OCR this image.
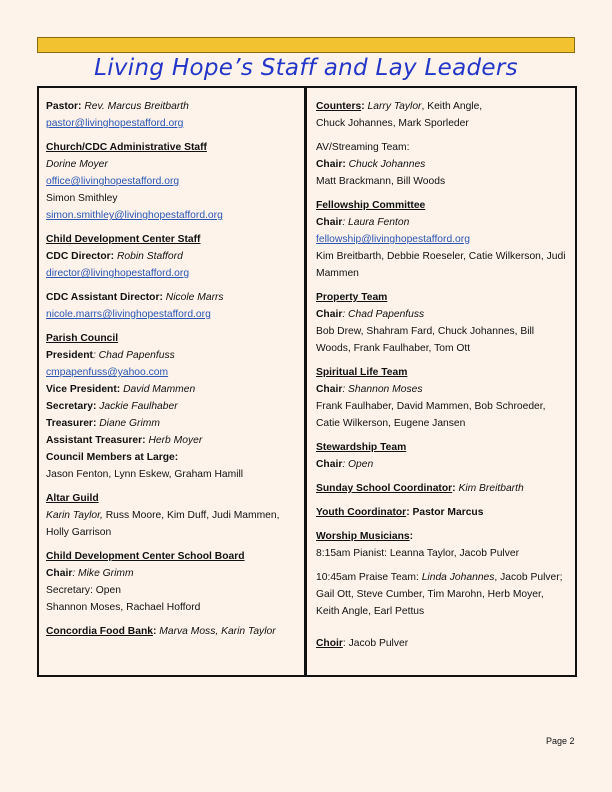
Living Hope’s Staff and Lay Leaders
Pastor: Rev. Marcus Breitbarth
pastor@livinghopestafford.org
Church/CDC Administrative Staff
Dorine Moyer
office@livinghopestafford.org
Simon Smithley
simon.smithley@livinghopestafford.org
Child Development Center Staff
CDC Director: Robin Stafford
director@livinghopestafford.org
CDC Assistant Director: Nicole Marrs
nicole.marrs@livinghopestafford.org
Parish Council
President: Chad Papenfuss
cmpapenfuss@yahoo.com
Vice President: David Mammen
Secretary: Jackie Faulhaber
Treasurer: Diane Grimm
Assistant Treasurer: Herb Moyer
Council Members at Large:
Jason Fenton, Lynn Eskew, Graham Hamill
Altar Guild
Karin Taylor, Russ Moore, Kim Duff, Judi Mammen, Holly Garrison
Child Development Center School Board
Chair: Mike Grimm
Secretary: Open
Shannon Moses, Rachael Hofford
Concordia Food Bank: Marva Moss, Karin Taylor
Counters: Larry Taylor, Keith Angle,
Chuck Johannes, Mark Sporleder
AV/Streaming Team:
Chair: Chuck Johannes
Matt Brackmann, Bill Woods
Fellowship Committee
Chair: Laura Fenton
fellowship@livinghopestafford.org
Kim Breitbarth, Debbie Roeseler, Catie Wilkerson, Judi Mammen
Property Team
Chair: Chad Papenfuss
Bob Drew, Shahram Fard, Chuck Johannes, Bill Woods, Frank Faulhaber, Tom Ott
Spiritual Life Team
Chair: Shannon Moses
Frank Faulhaber, David Mammen, Bob Schroeder, Catie Wilkerson, Eugene Jansen
Stewardship Team
Chair: Open
Sunday School Coordinator: Kim Breitbarth
Youth Coordinator: Pastor Marcus
Worship Musicians:
8:15am Pianist: Leanna Taylor, Jacob Pulver
10:45am Praise Team: Linda Johannes, Jacob Pulver; Gail Ott, Steve Cumber, Tim Marohn, Herb Moyer, Keith Angle, Earl Pettus
Choir: Jacob Pulver
Page 2
